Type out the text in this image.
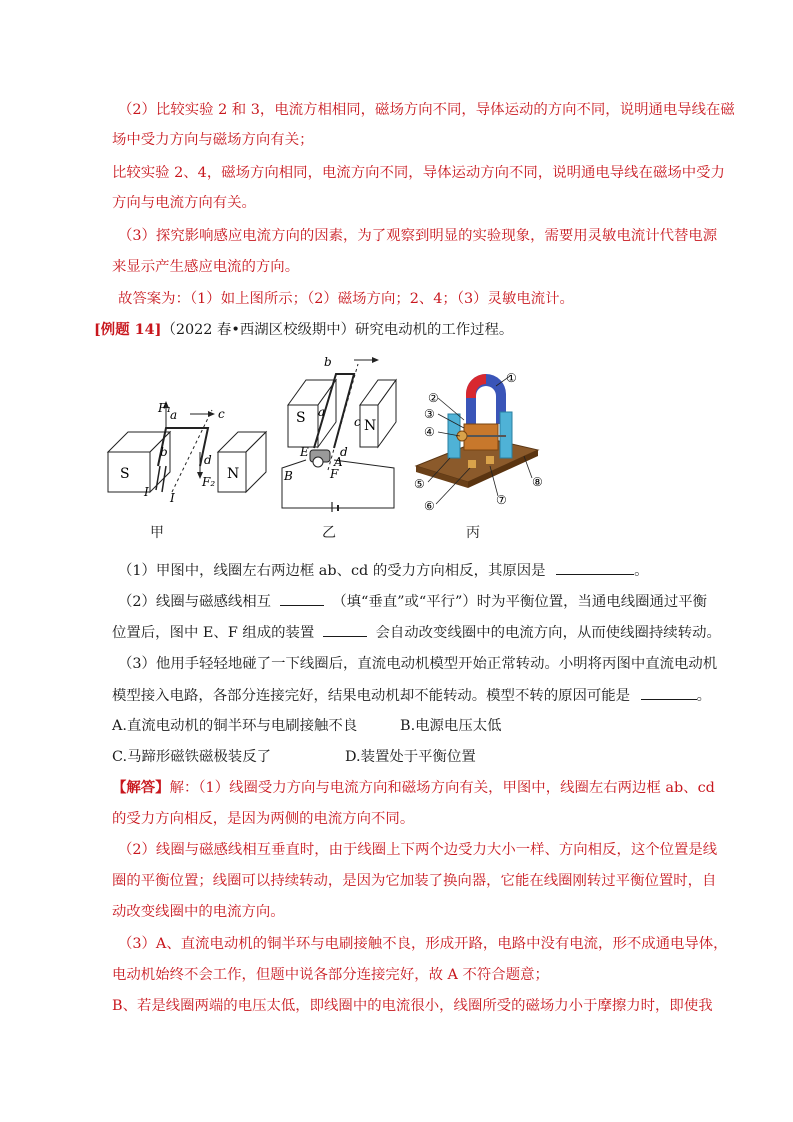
（2）比较实验 2 和 3，电流方相相同，磁场方向不同，导体运动的方向不同，说明通电导线在磁
场中受力方向与磁场方向有关；
比较实验 2、4，磁场方向相同，电流方向不同，导体运动方向不同，说明通电导线在磁场中受力
方向与电流方向有关。
（3）探究影响感应电流方向的因素，为了观察到明显的实验现象，需要用灵敏电流计代替电源
来显示产生感应电流的方向。
故答案为：（1）如上图所示；（2）磁场方向；2、4；（3）灵敏电流计。
[例题 14]（2022 春•西湖区校级期中）研究电动机的工作过程。
F₁
a	c
b
d
S	N
F₂
I I
甲
b
a
c
d
S	N
E
A
B	F
乙
S
①
②
③
④
⑤
⑥	⑦
⑧
丙
（1）甲图中，线圈左右两边框 ab、cd 的受力方向相反，其原因是	。
（2）线圈与磁感线相互	（填“垂直”或“平行”）时为平衡位置，当通电线圈通过平衡
位置后，图中 E、F 组成的装置	会自动改变线圈中的电流方向，从而使线圈持续转动。
（3）他用手轻轻地碰了一下线圈后，直流电动机模型开始正常转动。小明将丙图中直流电动机
模型接入电路，各部分连接完好，结果电动机却不能转动。模型不转的原因可能是	。
A.直流电动机的铜半环与电刷接触不良	B.电源电压太低
C.马蹄形磁铁磁极装反了	D.装置处于平衡位置
【解答】解：（1）线圈受力方向与电流方向和磁场方向有关，甲图中，线圈左右两边框 ab、cd
的受力方向相反，是因为两侧的电流方向不同。
（2）线圈与磁感线相互垂直时，由于线圈上下两个边受力大小一样、方向相反，这个位置是线
圈的平衡位置；线圈可以持续转动，是因为它加装了换向器，它能在线圈刚转过平衡位置时，自
动改变线圈中的电流方向。
（3）A、直流电动机的铜半环与电刷接触不良，形成开路，电路中没有电流，形不成通电导体，
电动机始终不会工作，但题中说各部分连接完好，故 A 不符合题意；
B、若是线圈两端的电压太低，即线圈中的电流很小，线圈所受的磁场力小于摩擦力时，即使我
